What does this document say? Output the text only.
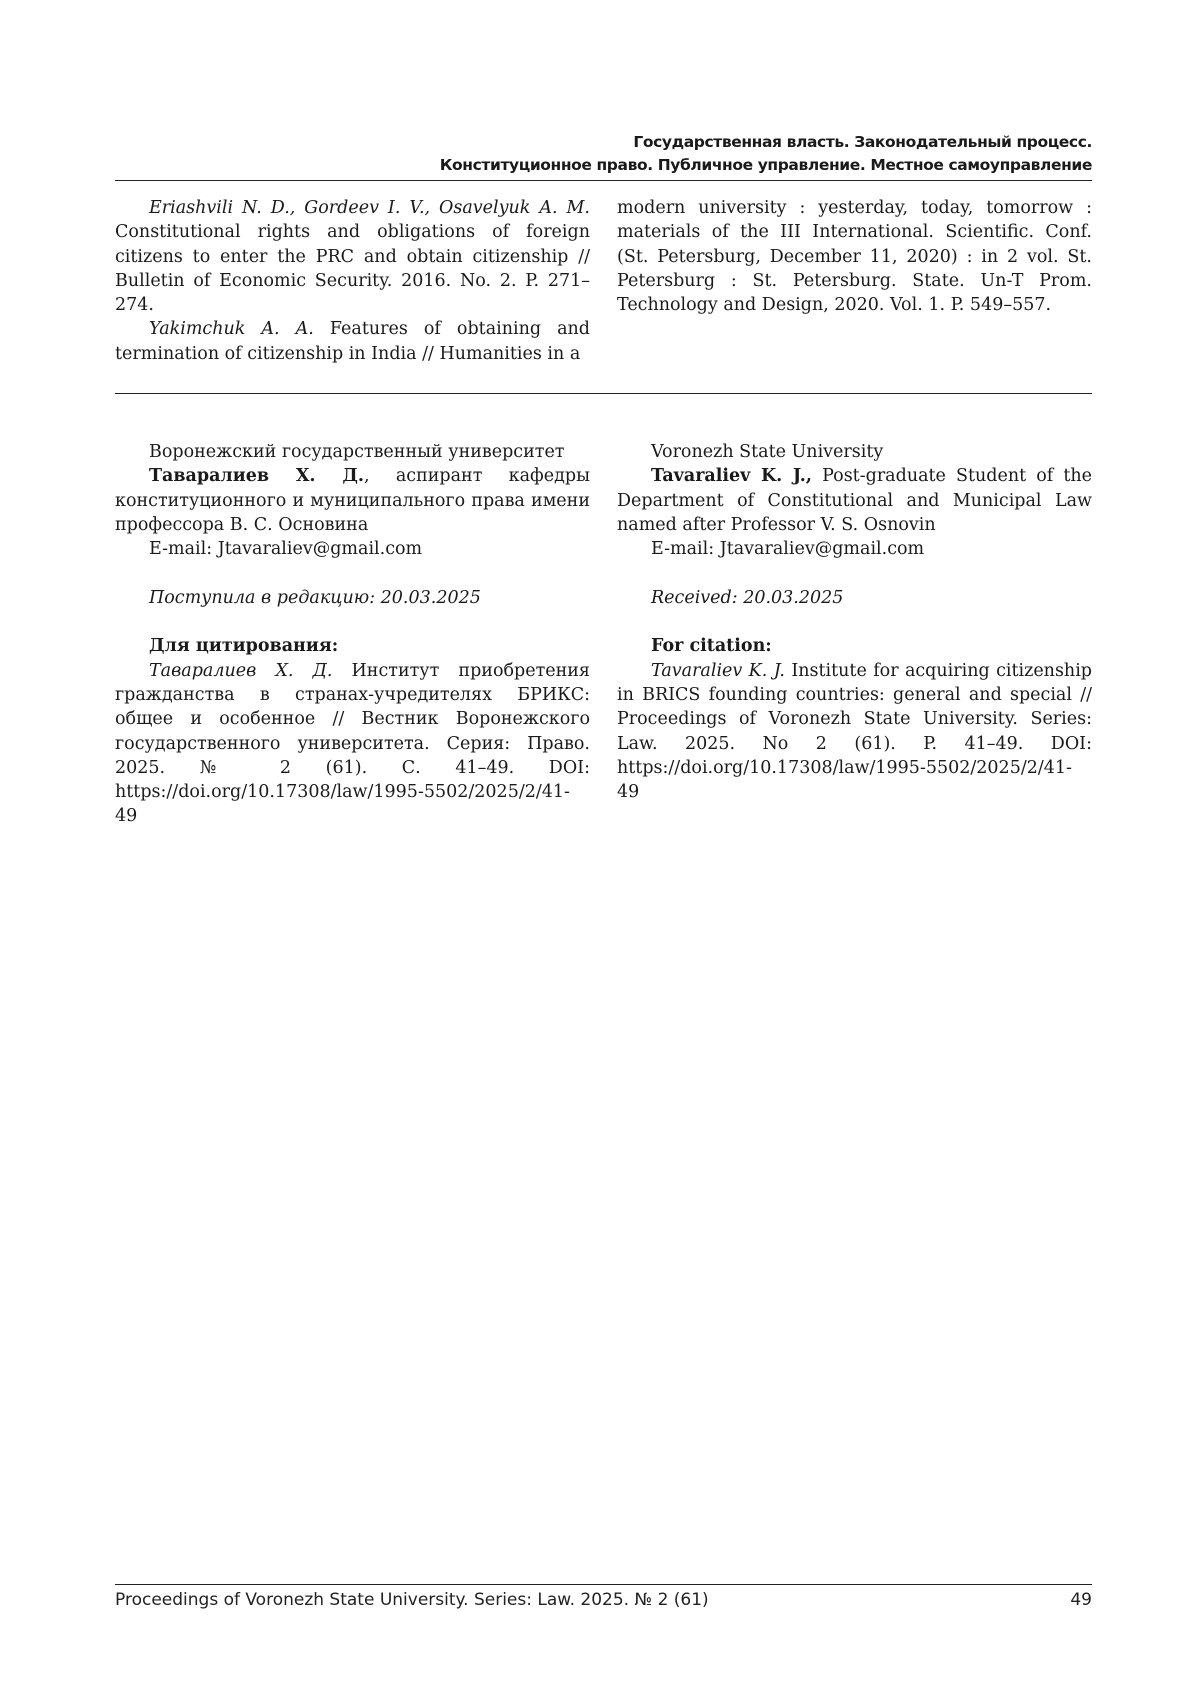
Государственная власть. Законодательный процесс.
Конституционное право. Публичное управление. Местное самоуправление

Eriashvili N. D., Gordeev I. V., Osavelyuk A. M. Constitutional rights and obligations of foreign citizens to enter the PRC and obtain citizenship // Bulletin of Economic Security. 2016. No. 2. P. 271–274.

Yakimchuk A. A. Features of obtaining and termination of citizenship in India // Humanities in a

modern university : yesterday, today, tomorrow : materials of the III International. Scientific. Conf. (St. Petersburg, December 11, 2020) : in 2 vol. St. Petersburg : St. Petersburg. State. Un-T Prom. Technology and Design, 2020. Vol. 1. P. 549–557.

Воронежский государственный университет

Таваралиев Х. Д., аспирант кафедры конституционного и муниципального права имени профессора В. С. Основина

E-mail: Jtavaraliev@gmail.com

Поступила в редакцию: 20.03.2025

Для цитирования:

Таваралиев Х. Д. Институт приобретения гражданства в странах-учредителях БРИКС: общее и особенное // Вестник Воронежского государственного университета. Серия: Право. 2025. № 2 (61). С. 41–49. DOI: https://doi.org/10.17308/law/1995-5502/2025/2/41-49

Voronezh State University

Tavaraliev K. J., Post-graduate Student of the Department of Constitutional and Municipal Law named after Professor V. S. Osnovin

E-mail: Jtavaraliev@gmail.com

Received: 20.03.2025

For citation:

Tavaraliev K. J. Institute for acquiring citizenship in BRICS founding countries: general and special // Proceedings of Voronezh State University. Series: Law. 2025. No 2 (61). P. 41–49. DOI: https://doi.org/10.17308/law/1995-5502/2025/2/41-49

Proceedings of Voronezh State University. Series: Law. 2025. № 2 (61)	49
